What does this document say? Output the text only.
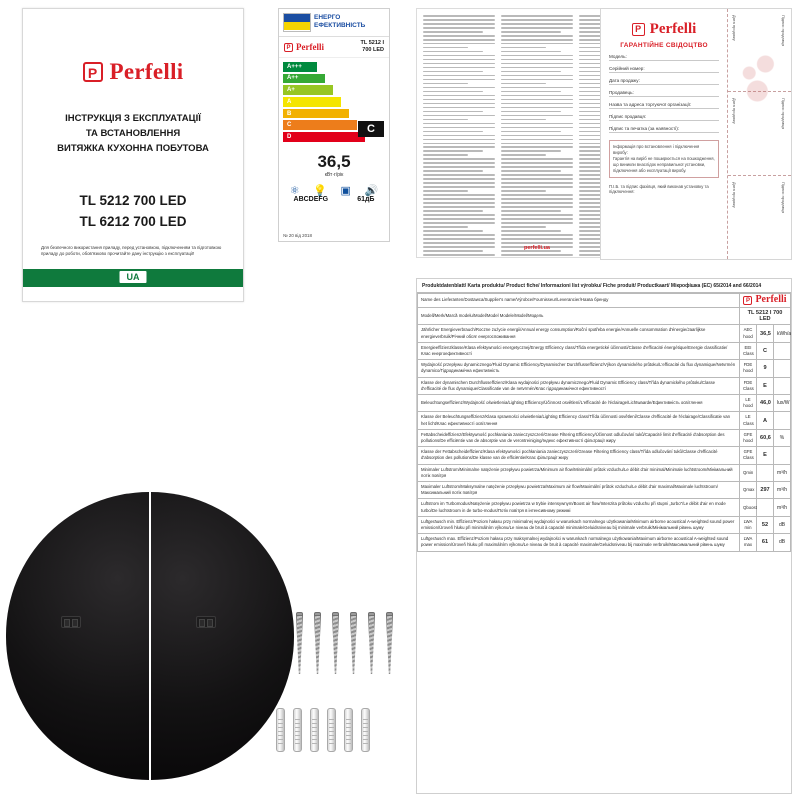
P Perfelli
ІНСТРУКЦІЯ З ЕКСПЛУАТАЦІЇ
ТА ВСТАНОВЛЕННЯ
ВИТЯЖКА КУХОННА ПОБУТОВА
TL 5212 700 LED
TL 6212 700 LED
Для безпечного використання приладу, перед установкою, підключенням та підготовкою приладу до роботи, обов'язково прочитайте дану інструкцію з експлуатації!
UA
ЕНЕРГО
ЕФЕКТИВНІСТЬ
P Perfelli	TL 5212 I
700 LED
A+++
A++
A+
A
B
C
D
C
36,5
кВт·г/рік
⚛ 💡 ▣ 🔊
ABCDEFG	61дБ
№ 20 від 2018
perfelli.ua
P Perfelli
ГАРАНТІЙНЕ СВІДОЦТВО
Модель:
Серійний номер:
Дата продажу:
Продавець:
Назва та адреса торгуючої організації:
Підпис продавця:
Підпис та печатка (за наявності):
Інформація про встановлення і підключення виробу:
Гарантія на виріб не поширюється на пошкодження, що виникли внаслідок неправильної установки, підключення або експлуатації виробу.
П.І.Б. та підпис фахівця, який виконав установку та підключення:
Дата продажу	Підпис продавця
Дата продажу	Підпис продавця
Дата продажу	Підпис продавця
Produktdatenblatt/ Karta produktu/ Product fiche/ Informazioni list výrobku/ Fiche produit/ Productkaart/ Мікрофішка (ЕС) 65/2014 and 66/2014
Name des Lieferanten/Dostawca/Supplier's name/Výrobce/Fournisseur/Leverancier/Назва бренду	P Perfelli		

Modell/Merk/Marcă modelu/Model/Model Modele/Model/Модель	TL 5212 I 700 LED		
Jährlicher Energieverbrauch/Roczne zużycie energii/Annual energy consumption/Roční spotřeba energie/Annuelle consommation d'énergie/Jaarlijkse energieverbruik/Річний обсяг енергоспоживання	AEC hood	36,5	kWh/a
Energieeffizienzklasse/Klasa efektywności energetycznej/Energy Efficiency class/Třída energetické účinnosti/Classe d'efficacité énergétique/Energie classificatie/Клас енергоефективності	EEI Class	C	
Wydajność przepływu dynamicznego/Fluid Dynamic Efficiency/Dynamischer Durchflusseffizienz/Výkon dynamického průtoku/L'efficacité du flux dynamique/Netvrmén dynamico/Гідродинамічна ефективність	FDE hood	9	
Klasse der dynamischen Durchflusseffizienz/Klasa wydajności przepływu dynamicznego/Fluid Dynamic Efficiency class/Třída dynamického průtoku/Classe d'efficacité de flux dynamique/Classificatie van de netvrmén/Клас гідродинамічної ефективності	FDE Class	E	
Beleuchtungseffizienz/Wydajność oświetlenia/Lighting Efficiency/Účinnost osvětlení/L'efficacité de l'éclairage/Lichtwaarde/Ефективність освітлення	LE hood	46,0	lux/W
Klasse der Beleuchtungseffizienz/Klasa sprawności oświetlenia/Lighting Efficiency class/Třída účinnosti osvětlení/Classe d'efficacité de l'éclairage/Classificatie van het licht/Клас ефективності освітлення	LE Class	A	
Fettabscheideffizienz/Efektywność pochłaniania zanieczyszczeń/Grease Filtering Efficiency/Účinnost odlučování tuků/Capacité limit d'efficacité d'absorption des pollutions/De efficiëntie van de absorptie van de verontreiniging/Індекс ефективності фільтрації жиру	GFE hood	60,6	%
Klasse der Fettabscheideffizienz/Klasa efektywności pochłaniania zanieczyszczeń/Grease Filtering Efficiency class/Třída odlučování tuků/Classe d'efficacité d'absorption des pollutions/De klasse van de efficiëntie/Клас фільтрації жиру	GFE Class	E	
Minimaler Luftstrom/Minimalne natężenie przepływu powietrza/Minimum air flow/Minimální průtok vzduchu/Le débit d'air minimal/Minimale luchtstroom/Мінімальний потік повітря	Qmin		m³/h
Maximaler Luftstrom/Maksymalne natężenie przepływu powietrza/Maximum air flow/Maximální průtok vzduchu/Le débit d'air maximal/Maximale luchtstroom/Максимальний потік повітря	Qmax	297	m³/h
Luftstrom im Turbomodus/Natężenie przepływu powietrza w trybie intensywnym/Boost air flow/Intenzita průtoku vzduchu při stupni „turbo"/Le débit d'air en mode turbo/De luchtstroom in de turbo-modus/Потік повітря в інтенсивному режимі	Qboost		m³/h
Luftgeräusch min. Effizienz/Poziom hałasu przy minimalnej wydajności w warunkach normalnego użytkowania/Minimum airborne acoustical A-weighted sound power emission/Úroveň hluku při minimálním výkonu/Le niveau de bruit à capacité minimale/Geluidsniveau bij minimale verbruik/Мінімальний рівень шуму	LWA min	52	dB
Luftgeräusch max. Effizienz/Poziom hałasu przy maksymalnej wydajności w warunkach normalnego użytkowania/Maximum airborne acoustical A-weighted sound power emission/Úroveň hluku při maximálním výkonu/Le niveau de bruit à capacité maximale/Geluidsniveau bij maximale verbruik/Максимальний рівень шуму	LWA max	61	dB
